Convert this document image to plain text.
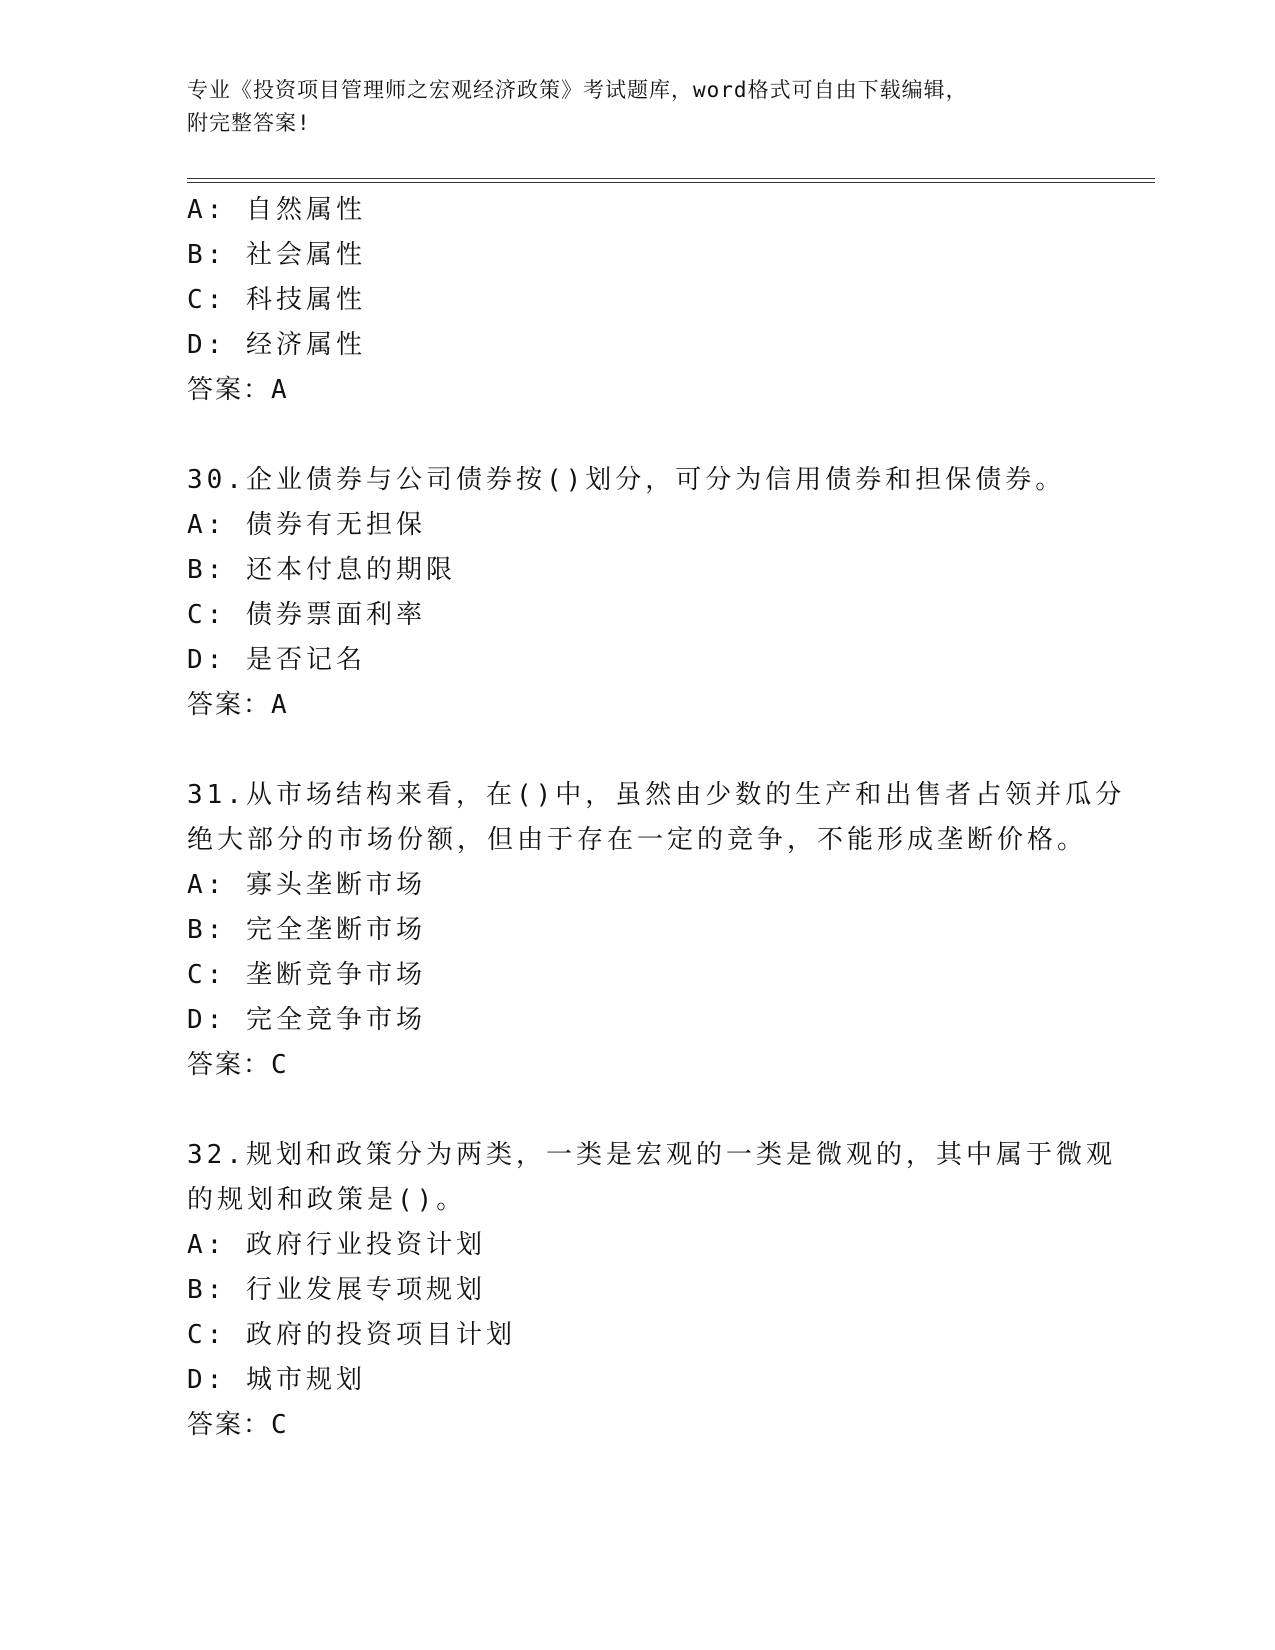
专业《投资项目管理师之宏观经济政策》考试题库，word格式可自由下载编辑，
附完整答案!
A: 自然属性
B: 社会属性
C: 科技属性
D: 经济属性
答案：A
30.企业债券与公司债券按()划分，可分为信用债券和担保债券。
A: 债券有无担保
B: 还本付息的期限
C: 债券票面利率
D: 是否记名
答案：A
31.从市场结构来看，在()中，虽然由少数的生产和出售者占领并瓜分
绝大部分的市场份额，但由于存在一定的竞争，不能形成垄断价格。
A: 寡头垄断市场
B: 完全垄断市场
C: 垄断竞争市场
D: 完全竞争市场
答案：C
32.规划和政策分为两类，一类是宏观的一类是微观的，其中属于微观
的规划和政策是()。
A: 政府行业投资计划
B: 行业发展专项规划
C: 政府的投资项目计划
D: 城市规划
答案：C
